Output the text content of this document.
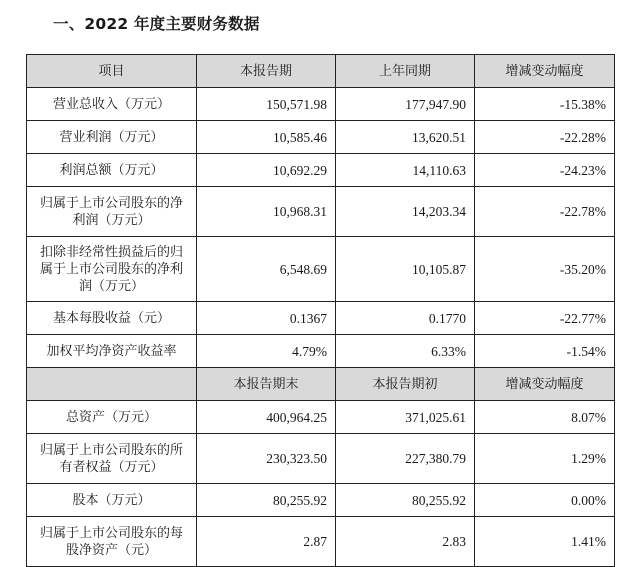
一、2022 年度主要财务数据
项目	本报告期	上年同期	增减变动幅度
营业总收入（万元）	150,571.98	177,947.90	-15.38%
营业利润（万元）	10,585.46	13,620.51	-22.28%
利润总额（万元）	10,692.29	14,110.63	-24.23%
归属于上市公司股东的净利润（万元）	10,968.31	14,203.34	-22.78%
扣除非经常性损益后的归属于上市公司股东的净利润（万元）	6,548.69	10,105.87	-35.20%
基本每股收益（元）	0.1367	0.1770	-22.77%
加权平均净资产收益率	4.79%	6.33%	-1.54%
	本报告期末	本报告期初	增减变动幅度
总资产（万元）	400,964.25	371,025.61	8.07%
归属于上市公司股东的所有者权益（万元）	230,323.50	227,380.79	1.29%
股本（万元）	80,255.92	80,255.92	0.00%
归属于上市公司股东的每股净资产（元）	2.87	2.83	1.41%
